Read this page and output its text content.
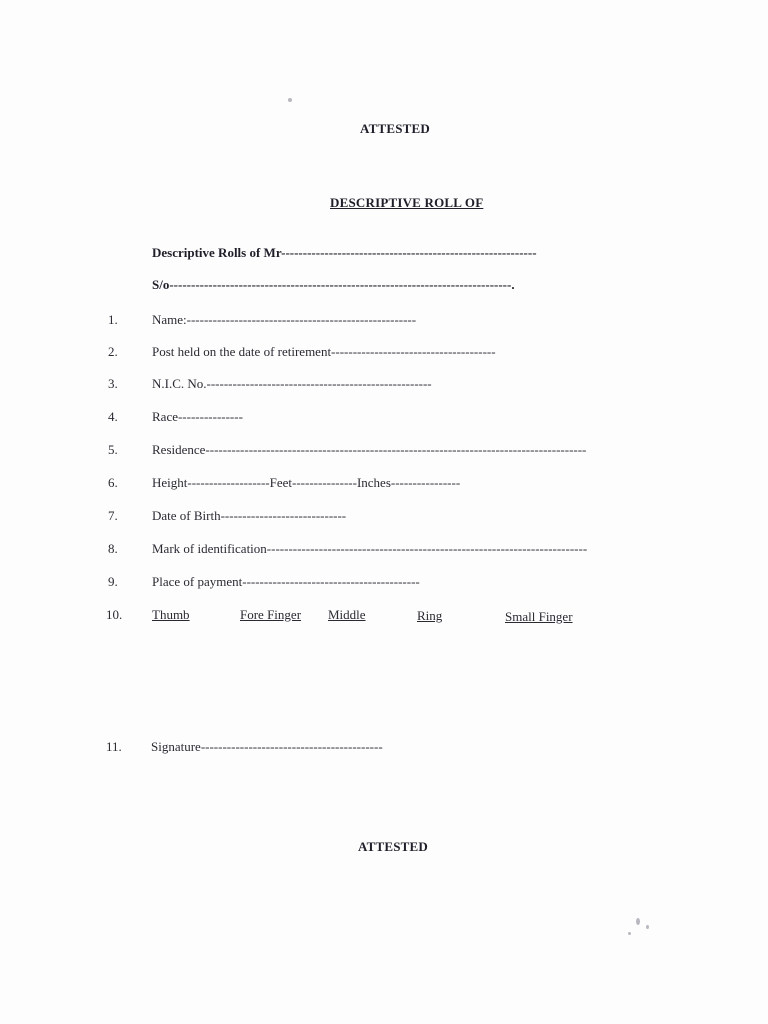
ATTESTED
DESCRIPTIVE ROLL OF
Descriptive Rolls of Mr-----------------------------------------------------------
S/o-------------------------------------------------------------------------------.
1.	Name:-----------------------------------------------------
2.	Post held on the date of retirement--------------------------------------
3.	N.I.C. No.----------------------------------------------------
4.	Race---------------
5.	Residence----------------------------------------------------------------------------------------
6.	Height-------------------Feet---------------Inches----------------
7.	Date of Birth-----------------------------
8.	Mark of identification--------------------------------------------------------------------------
9.	Place of payment-----------------------------------------
10.	Thumb	Fore Finger Middle	Ring	Small Finger
11.	Signature------------------------------------------
ATTESTED
